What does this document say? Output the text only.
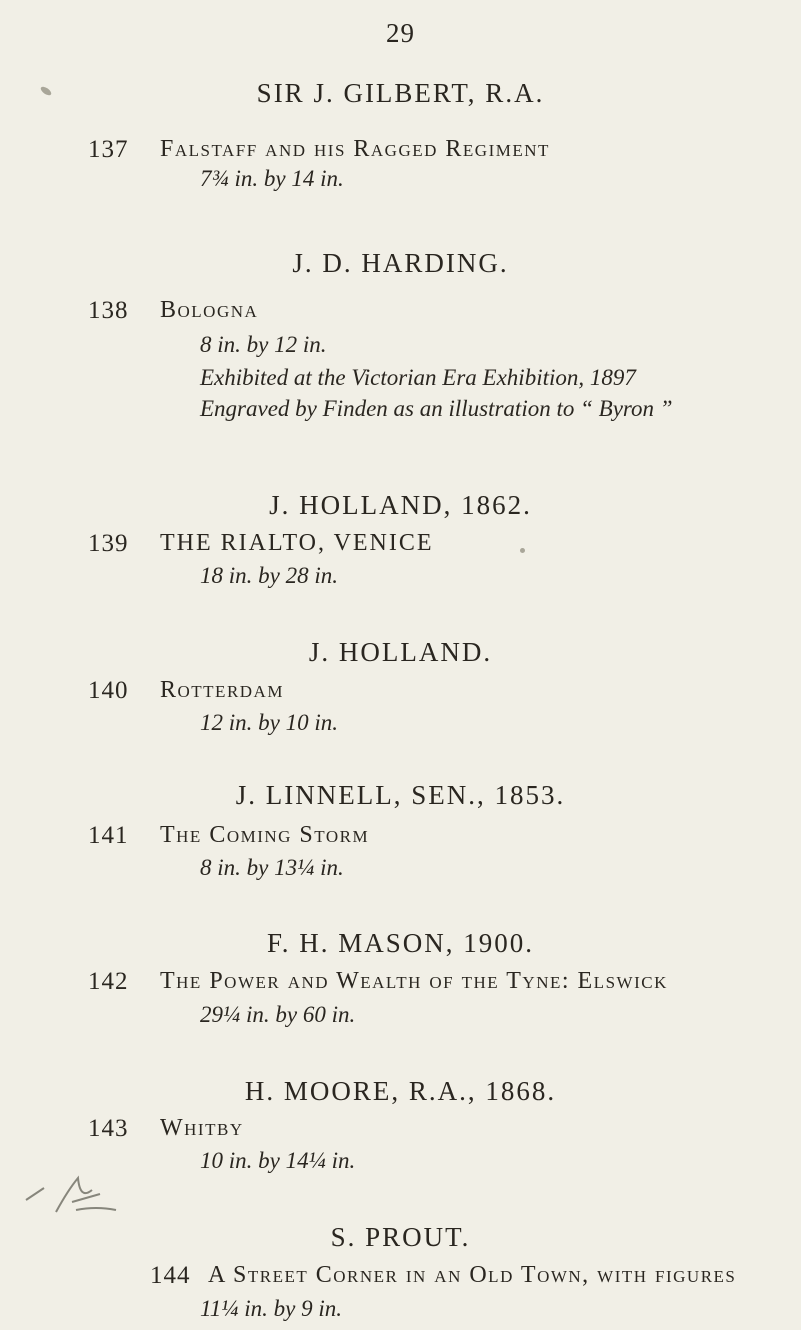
29
SIR J. GILBERT, R.A.
137 Falstaff and his Ragged Regiment
7¾ in. by 14 in.
J. D. HARDING.
138 Bologna
8 in. by 12 in.
Exhibited at the Victorian Era Exhibition, 1897
Engraved by Finden as an illustration to “ Byron ”
J. HOLLAND, 1862.
139 THE RIALTO, VENICE
18 in. by 28 in.
J. HOLLAND.
140 Rotterdam
12 in. by 10 in.
J. LINNELL, SEN., 1853.
141 The Coming Storm
8 in. by 13¼ in.
F. H. MASON, 1900.
142 The Power and Wealth of the Tyne: Elswick
29¼ in. by 60 in.
H. MOORE, R.A., 1868.
143 Whitby
10 in. by 14¼ in.
S. PROUT.
144 A Street Corner in an Old Town, with figures
11¼ in. by 9 in.
